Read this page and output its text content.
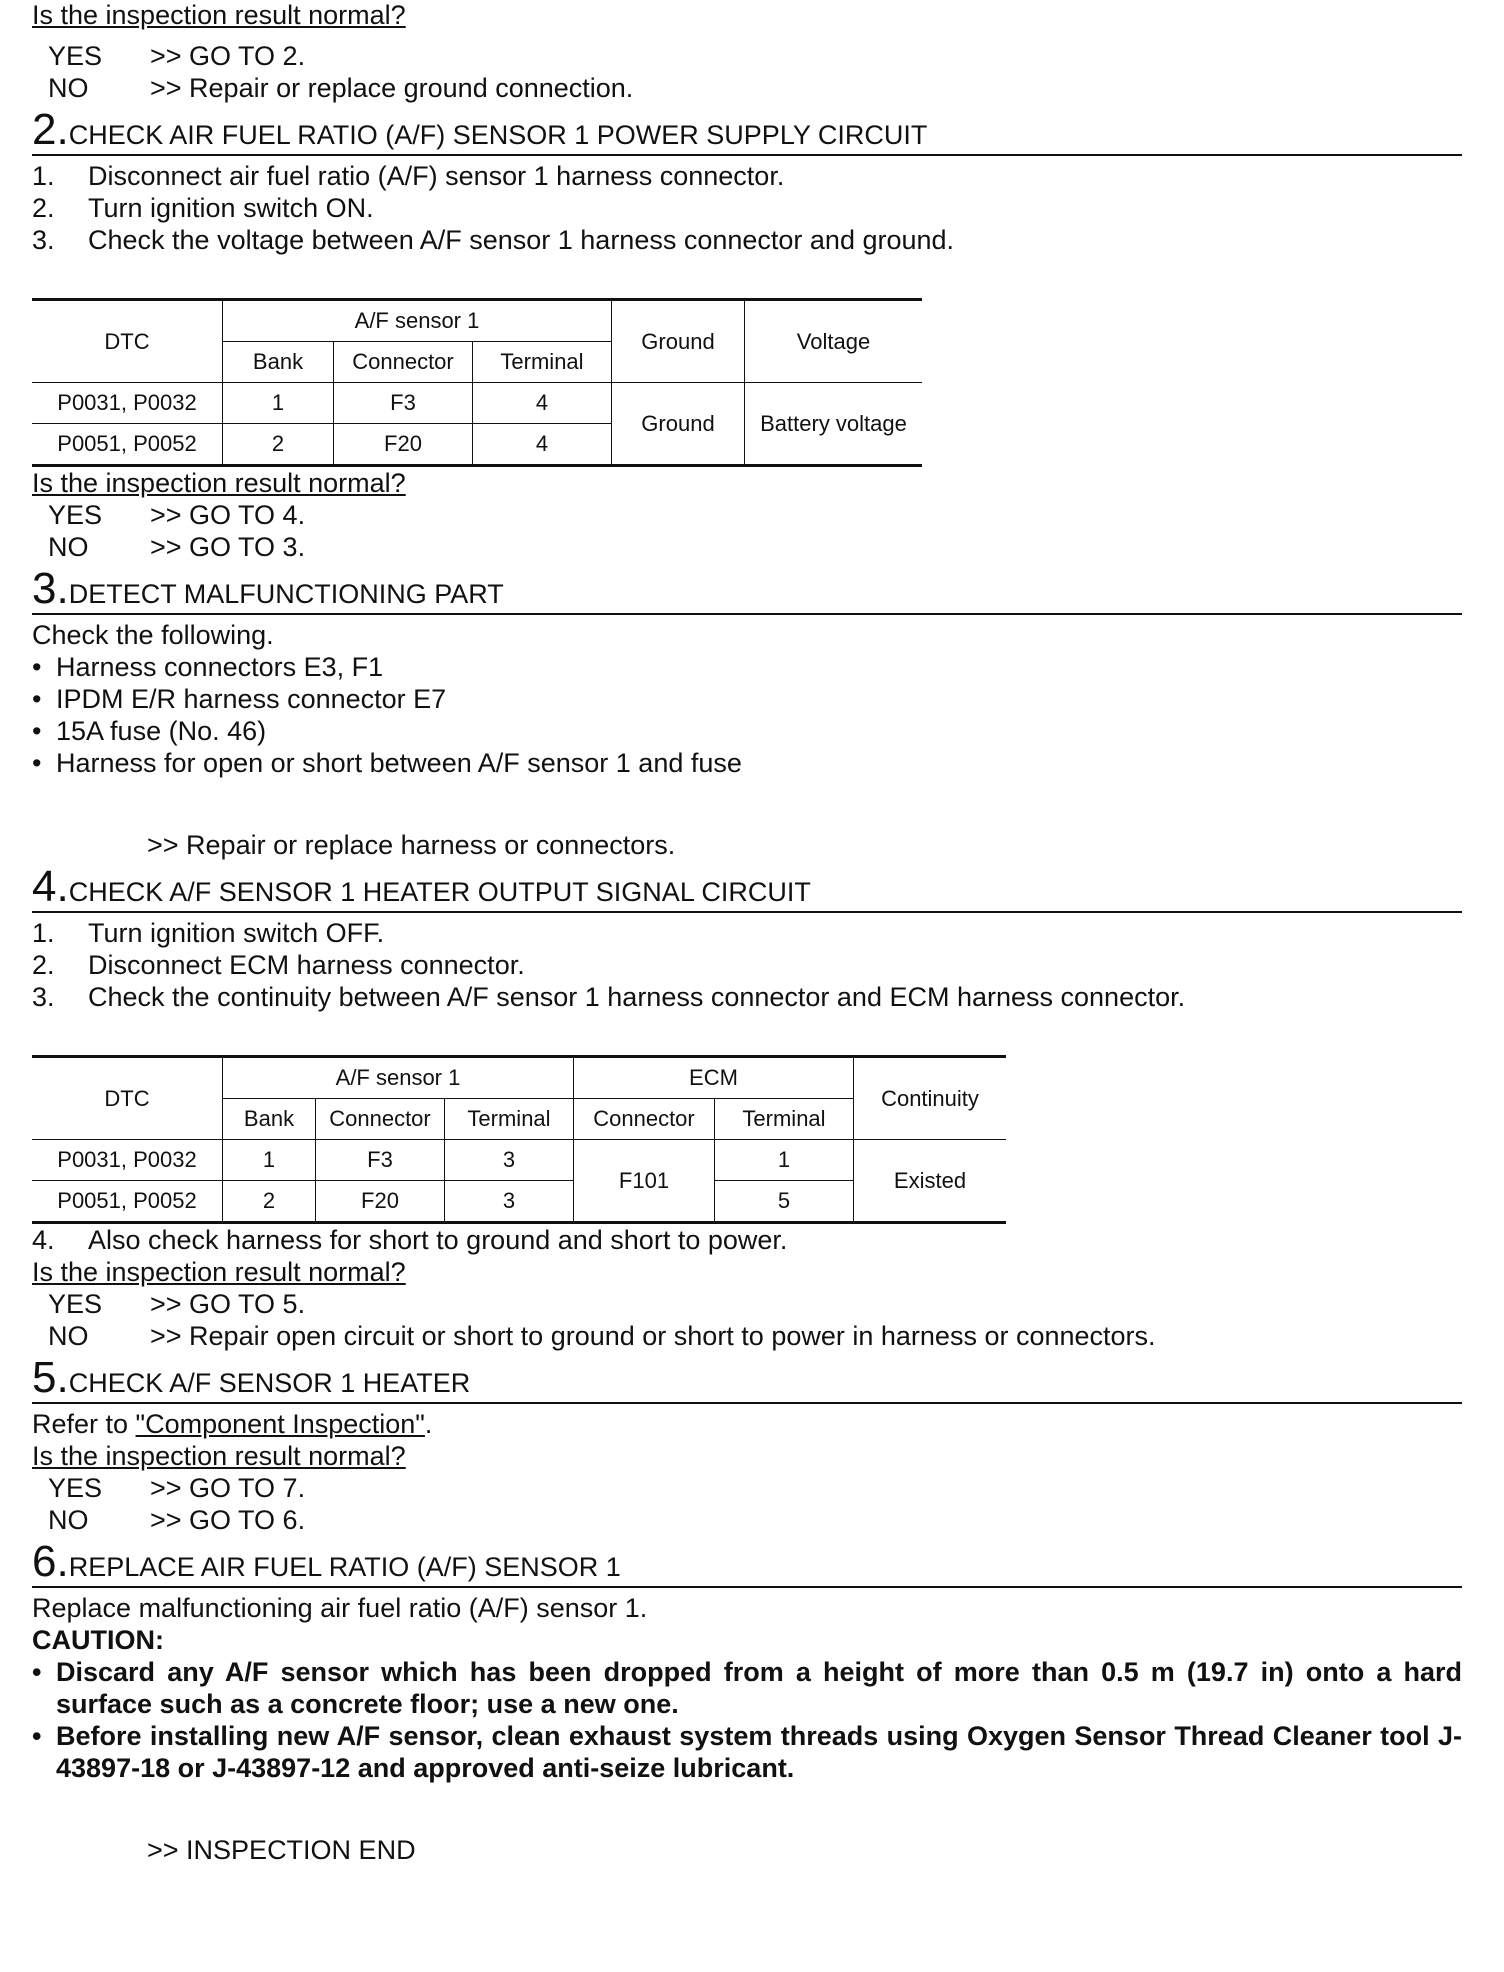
Is the inspection result normal?
YES	>> GO TO 2.
NO	>> Repair or replace ground connection.
2. CHECK AIR FUEL RATIO (A/F) SENSOR 1 POWER SUPPLY CIRCUIT
1.	Disconnect air fuel ratio (A/F) sensor 1 harness connector.
2.	Turn ignition switch ON.
3.	Check the voltage between A/F sensor 1 harness connector and ground.
DTC	A/F sensor 1			Ground	Voltage
	Bank	Connector	Terminal		
P0031, P0032	1	F3	4	Ground	Battery voltage
P0051, P0052	2	F20	4		
Is the inspection result normal?
YES	>> GO TO 4.
NO	>> GO TO 3.
3. DETECT MALFUNCTIONING PART
Check the following.
• Harness connectors E3, F1
• IPDM E/R harness connector E7
• 15A fuse (No. 46)
• Harness for open or short between A/F sensor 1 and fuse
>> Repair or replace harness or connectors.
4. CHECK A/F SENSOR 1 HEATER OUTPUT SIGNAL CIRCUIT
1.	Turn ignition switch OFF.
2.	Disconnect ECM harness connector.
3.	Check the continuity between A/F sensor 1 harness connector and ECM harness connector.
DTC	A/F sensor 1			ECM		Continuity
	Bank	Connector	Terminal	Connector	Terminal	
P0031, P0032	1	F3	3	F101	1	Existed
P0051, P0052	2	F20	3		5	
4.	Also check harness for short to ground and short to power.
Is the inspection result normal?
YES	>> GO TO 5.
NO	>> Repair open circuit or short to ground or short to power in harness or connectors.
5. CHECK A/F SENSOR 1 HEATER
Refer to "Component Inspection".
Is the inspection result normal?
YES	>> GO TO 7.
NO	>> GO TO 6.
6. REPLACE AIR FUEL RATIO (A/F) SENSOR 1
Replace malfunctioning air fuel ratio (A/F) sensor 1.
CAUTION:
• Discard any A/F sensor which has been dropped from a height of more than 0.5 m (19.7 in) onto a hard surface such as a concrete floor; use a new one.
• Before installing new A/F sensor, clean exhaust system threads using Oxygen Sensor Thread Cleaner tool J-43897-18 or J-43897-12 and approved anti-seize lubricant.
>> INSPECTION END
